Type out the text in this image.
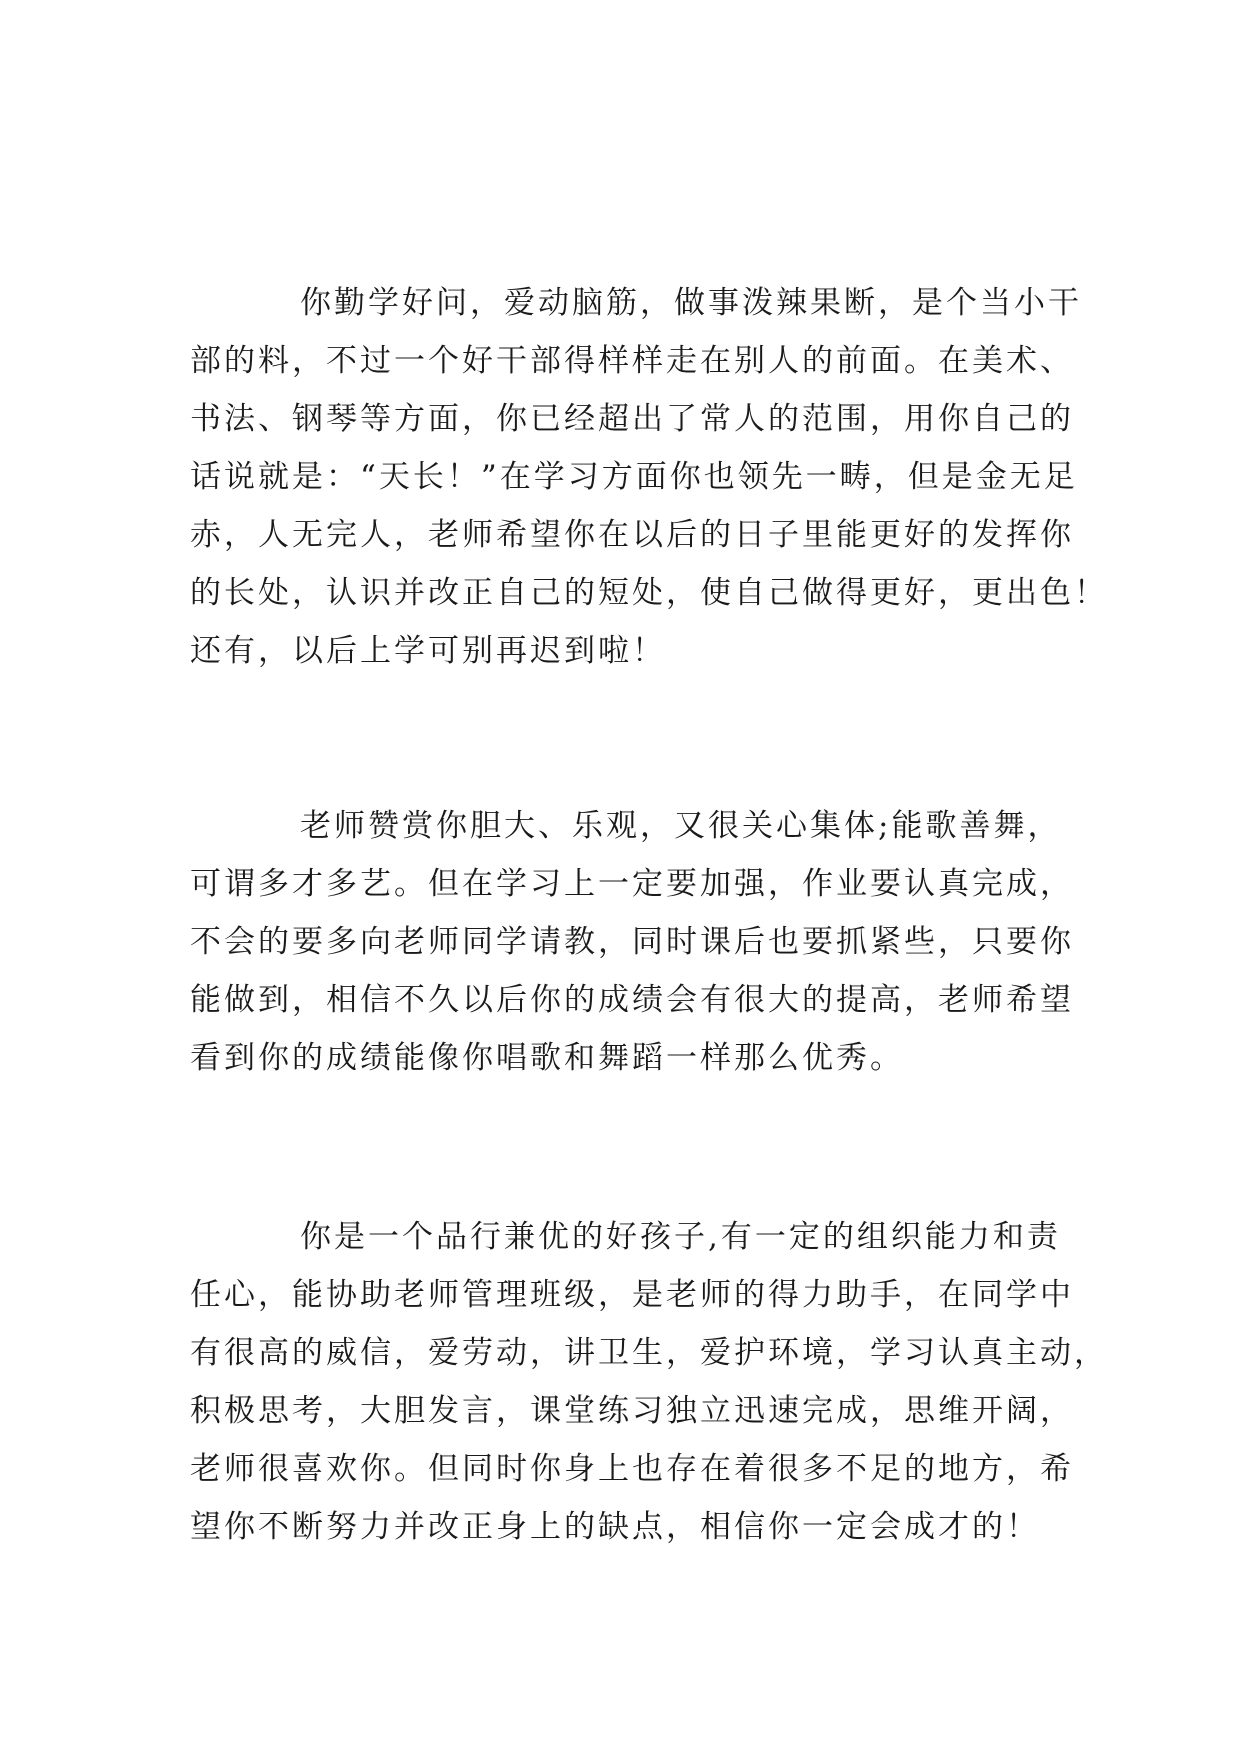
你勤学好问，爱动脑筋，做事泼辣果断，是个当小干
部的料，不过一个好干部得样样走在别人的前面。在美术、
书法、钢琴等方面，你已经超出了常人的范围，用你自己的
话说就是：“天长！”在学习方面你也领先一畴，但是金无足
赤，人无完人，老师希望你在以后的日子里能更好的发挥你
的长处，认识并改正自己的短处，使自己做得更好，更出色！
还有，以后上学可别再迟到啦！

老师赞赏你胆大、乐观，又很关心集体;能歌善舞，
可谓多才多艺。但在学习上一定要加强，作业要认真完成，
不会的要多向老师同学请教，同时课后也要抓紧些，只要你
能做到，相信不久以后你的成绩会有很大的提高，老师希望
看到你的成绩能像你唱歌和舞蹈一样那么优秀。

你是一个品行兼优的好孩子,有一定的组织能力和责
任心，能协助老师管理班级，是老师的得力助手，在同学中
有很高的威信，爱劳动，讲卫生，爱护环境，学习认真主动，
积极思考，大胆发言，课堂练习独立迅速完成，思维开阔，
老师很喜欢你。但同时你身上也存在着很多不足的地方，希
望你不断努力并改正身上的缺点，相信你一定会成才的！
